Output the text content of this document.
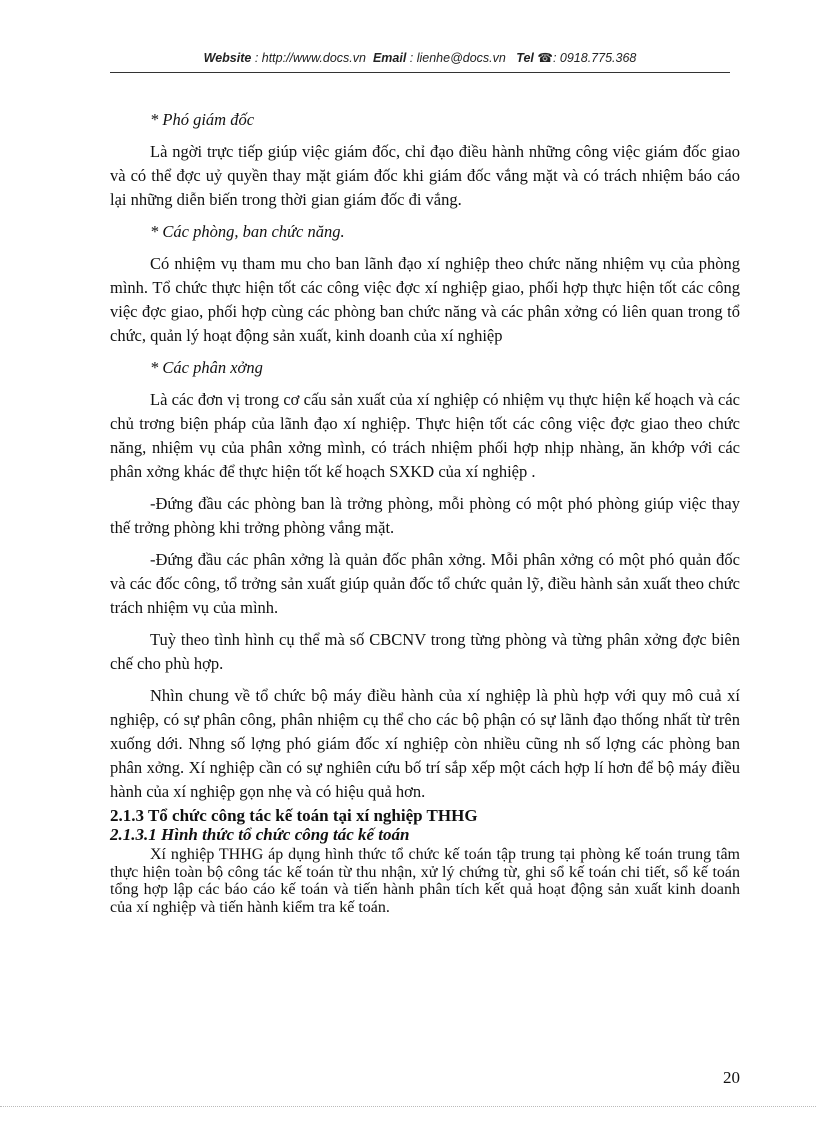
Website : http://www.docs.vn Email : lienhe@docs.vn Tel ☎: 0918.775.368

* Phó giám đốc

Là ngời trực tiếp giúp việc giám đốc, chỉ đạo điều hành những công việc giám đốc giao và có thể đợc uỷ quyền thay mặt giám đốc khi giám đốc vắng mặt và có trách nhiệm báo cáo lại những diễn biến trong thời gian giám đốc đi vắng.

* Các phòng, ban chức năng.

Có nhiệm vụ tham mu cho ban lãnh đạo xí nghiệp theo chức năng nhiệm vụ của phòng mình. Tổ chức thực hiện tốt các công việc đợc xí nghiệp giao, phối hợp thực hiện tốt các công việc đợc giao, phối hợp cùng các phòng ban chức năng và các phân xởng có liên quan trong tổ chức, quản lý hoạt động sản xuất, kinh doanh của xí nghiệp

* Các phân xởng

Là các đơn vị trong cơ cấu sản xuất của xí nghiệp có nhiệm vụ thực hiện kế hoạch và các chủ trơng biện pháp của lãnh đạo xí nghiệp. Thực hiện tốt các công việc đợc giao theo chức năng, nhiệm vụ của phân xởng mình, có trách nhiệm phối hợp nhịp nhàng, ăn khớp với các phân xởng khác để thực hiện tốt kế hoạch SXKD của xí nghiệp .

-Đứng đầu các phòng ban là trởng phòng, mỗi phòng có một phó phòng giúp việc thay thế trởng phòng khi trởng phòng vắng mặt.

-Đứng đầu các phân xởng là quản đốc phân xởng. Mỗi phân xởng có một phó quản đốc và các đốc công, tổ trởng sản xuất giúp quản đốc tổ chức quản lỹ, điều hành sản xuất theo chức trách nhiệm vụ của mình.

Tuỳ theo tình hình cụ thể mà số CBCNV trong từng phòng và từng phân xởng đợc biên chế cho phù hợp.

Nhìn chung về tổ chức bộ máy điều hành của xí nghiệp là phù hợp với quy mô cuả xí nghiệp, có sự phân công, phân nhiệm cụ thể cho các bộ phận có sự lãnh đạo thống nhất từ trên xuống dới. Nhng số lợng phó giám đốc xí nghiệp còn nhiều cũng nh số lợng các phòng ban phân xởng. Xí nghiệp cần có sự nghiên cứu bố trí sắp xếp một cách hợp lí hơn để bộ máy điều hành của xí nghiệp gọn nhẹ và có hiệu quả hơn.

2.1.3 Tổ chức công tác kế toán tại xí nghiệp THHG

2.1.3.1 Hình thức tổ chức công tác kế toán

Xí nghiệp THHG áp dụng hình thức tổ chức kế toán tập trung tại phòng kế toán trung tâm thực hiện toàn bộ công tác kế toán từ thu nhận, xử lý chứng từ, ghi sổ kế toán chi tiết, sổ kế toán tổng hợp lập các báo cáo kế toán và tiến hành phân tích kết quả hoạt động sản xuất kinh doanh của xí nghiệp và tiến hành kiểm tra kế toán.

20
